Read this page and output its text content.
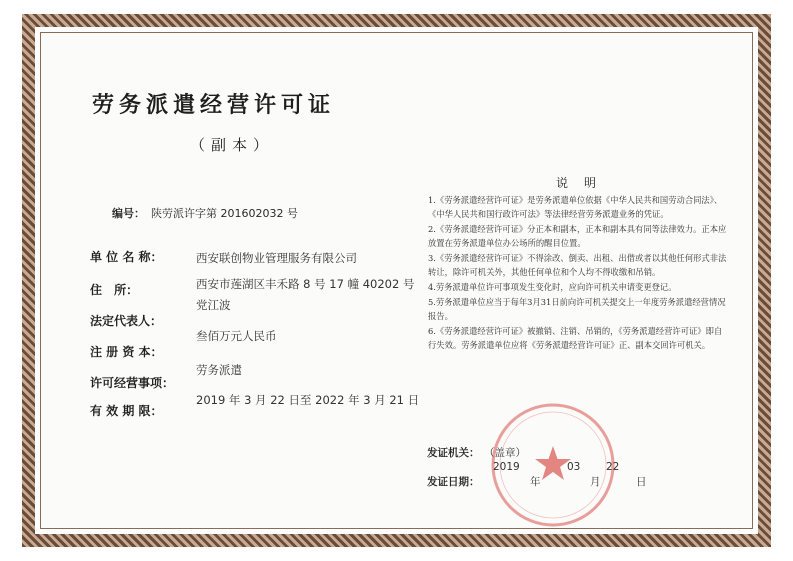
劳务派遣经营许可证
（副本）
编号： 陕劳派许字第 201602032 号
单 位 名 称：	西安联创物业管理服务有限公司
住 所：	西安市莲湖区丰禾路 8 号 17 幢 40202 号
法定代表人：
党江波
注 册 资 本：
叁佰万元人民币
许可经营事项：
劳务派遣
有 效 期 限：
2019 年 3 月 22 日至 2022 年 3 月 21 日
说明
1.《劳务派遣经营许可证》是劳务派遣单位依据《中华人民共和国劳动合同法》、《中华人民共和国行政许可法》等法律经营劳务派遣业务的凭证。
2.《劳务派遣经营许可证》分正本和副本，正本和副本具有同等法律效力。正本应放置在劳务派遣单位办公场所的醒目位置。
3.《劳务派遣经营许可证》不得涂改、倒卖、出租、出借或者以其他任何形式非法转让，除许可机关外，其他任何单位和个人均不得收缴和吊销。
4.劳务派遣单位许可事项发生变化时，应向许可机关申请变更登记。
5.劳务派遣单位应当于每年3月31日前向许可机关提交上一年度劳务派遣经营情况报告。
6.《劳务派遣经营许可证》被撤销、注销、吊销的，《劳务派遣经营许可证》即自行失效。劳务派遣单位应将《劳务派遣经营许可证》正、副本交回许可机关。
发证机关： （盖章）
2019	03 22
发证日期：	年	月	日
